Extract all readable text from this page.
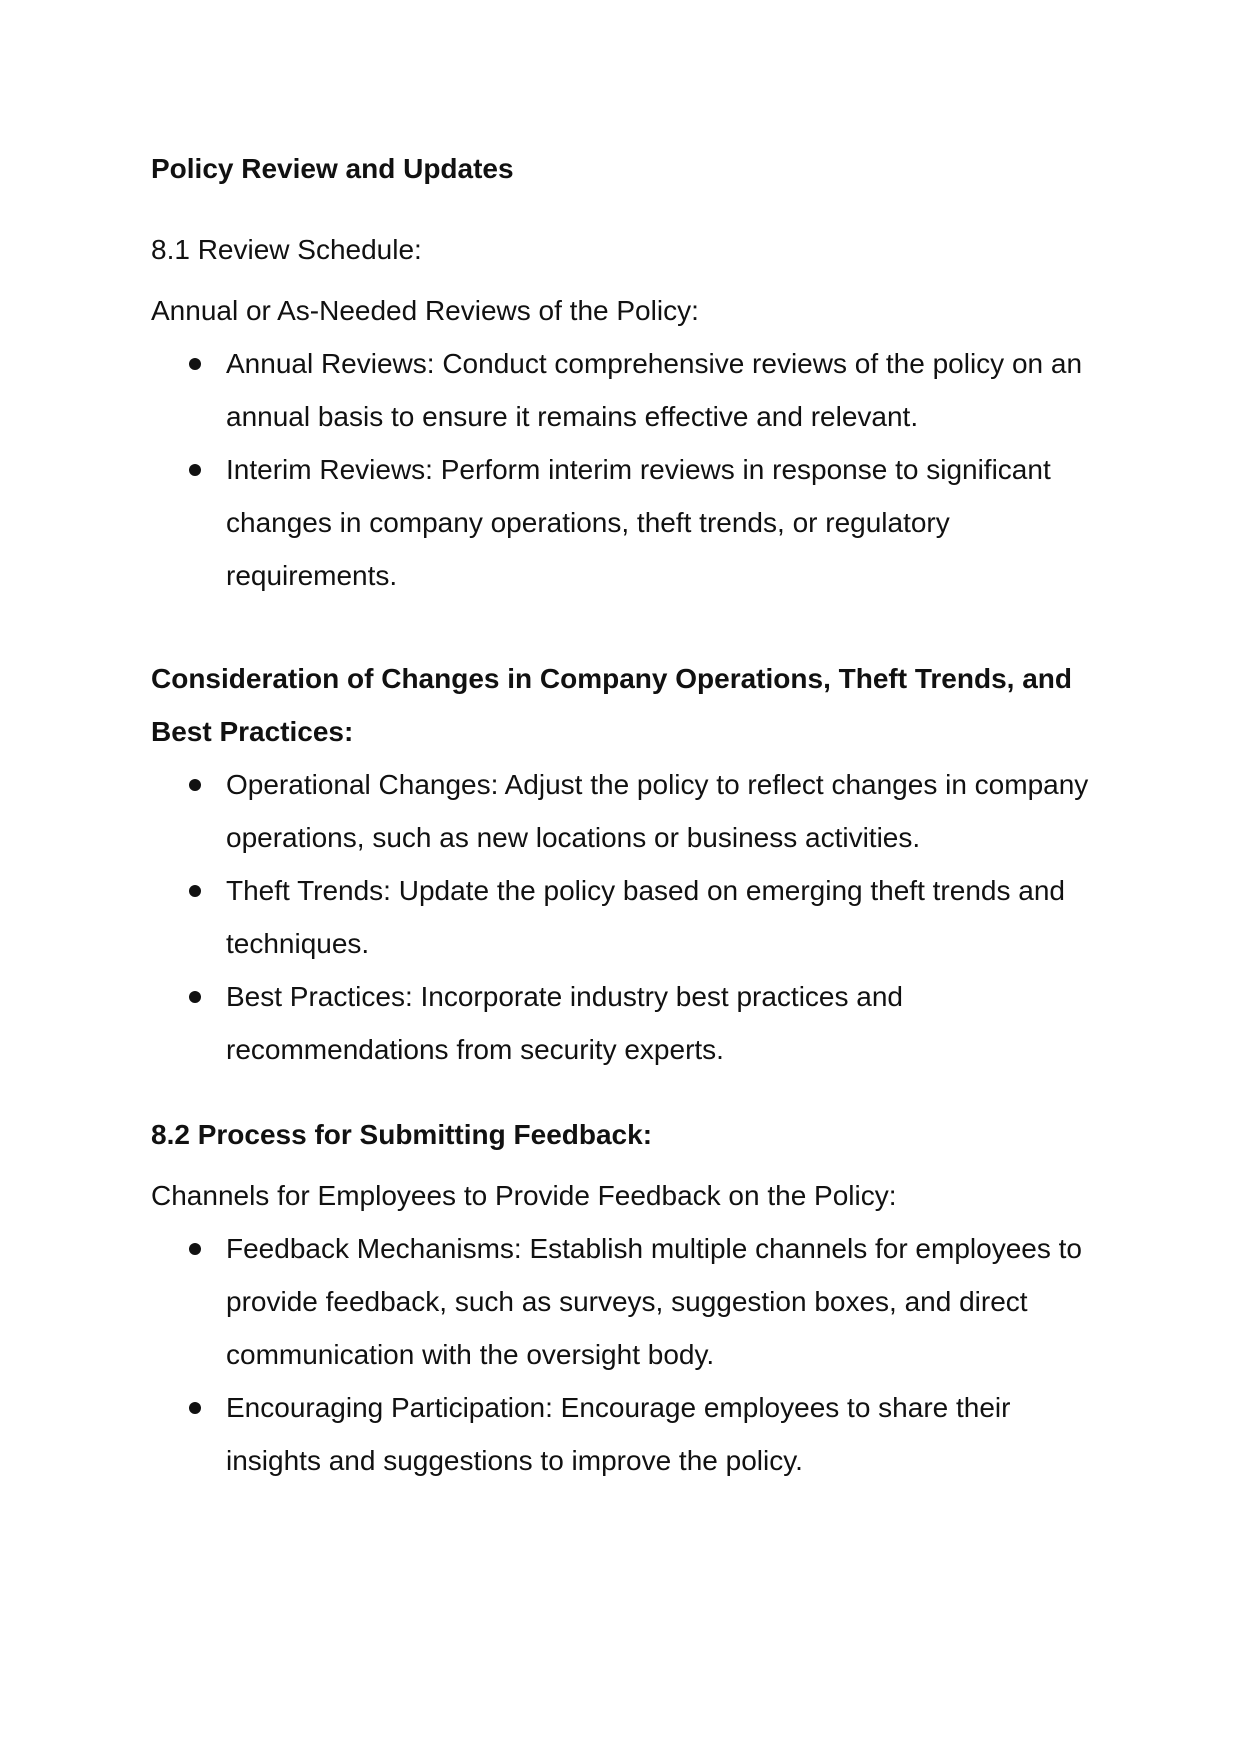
Policy Review and Updates

8.1 Review Schedule:

Annual or As-Needed Reviews of the Policy:

Annual Reviews: Conduct comprehensive reviews of the policy on an annual basis to ensure it remains effective and relevant.
Interim Reviews: Perform interim reviews in response to significant changes in company operations, theft trends, or regulatory requirements.
Consideration of Changes in Company Operations, Theft Trends, and Best Practices:
Operational Changes: Adjust the policy to reflect changes in company operations, such as new locations or business activities.
Theft Trends: Update the policy based on emerging theft trends and techniques.
Best Practices: Incorporate industry best practices and recommendations from security experts.
8.2 Process for Submitting Feedback:

Channels for Employees to Provide Feedback on the Policy:

Feedback Mechanisms: Establish multiple channels for employees to provide feedback, such as surveys, suggestion boxes, and direct communication with the oversight body.
Encouraging Participation: Encourage employees to share their insights and suggestions to improve the policy.
